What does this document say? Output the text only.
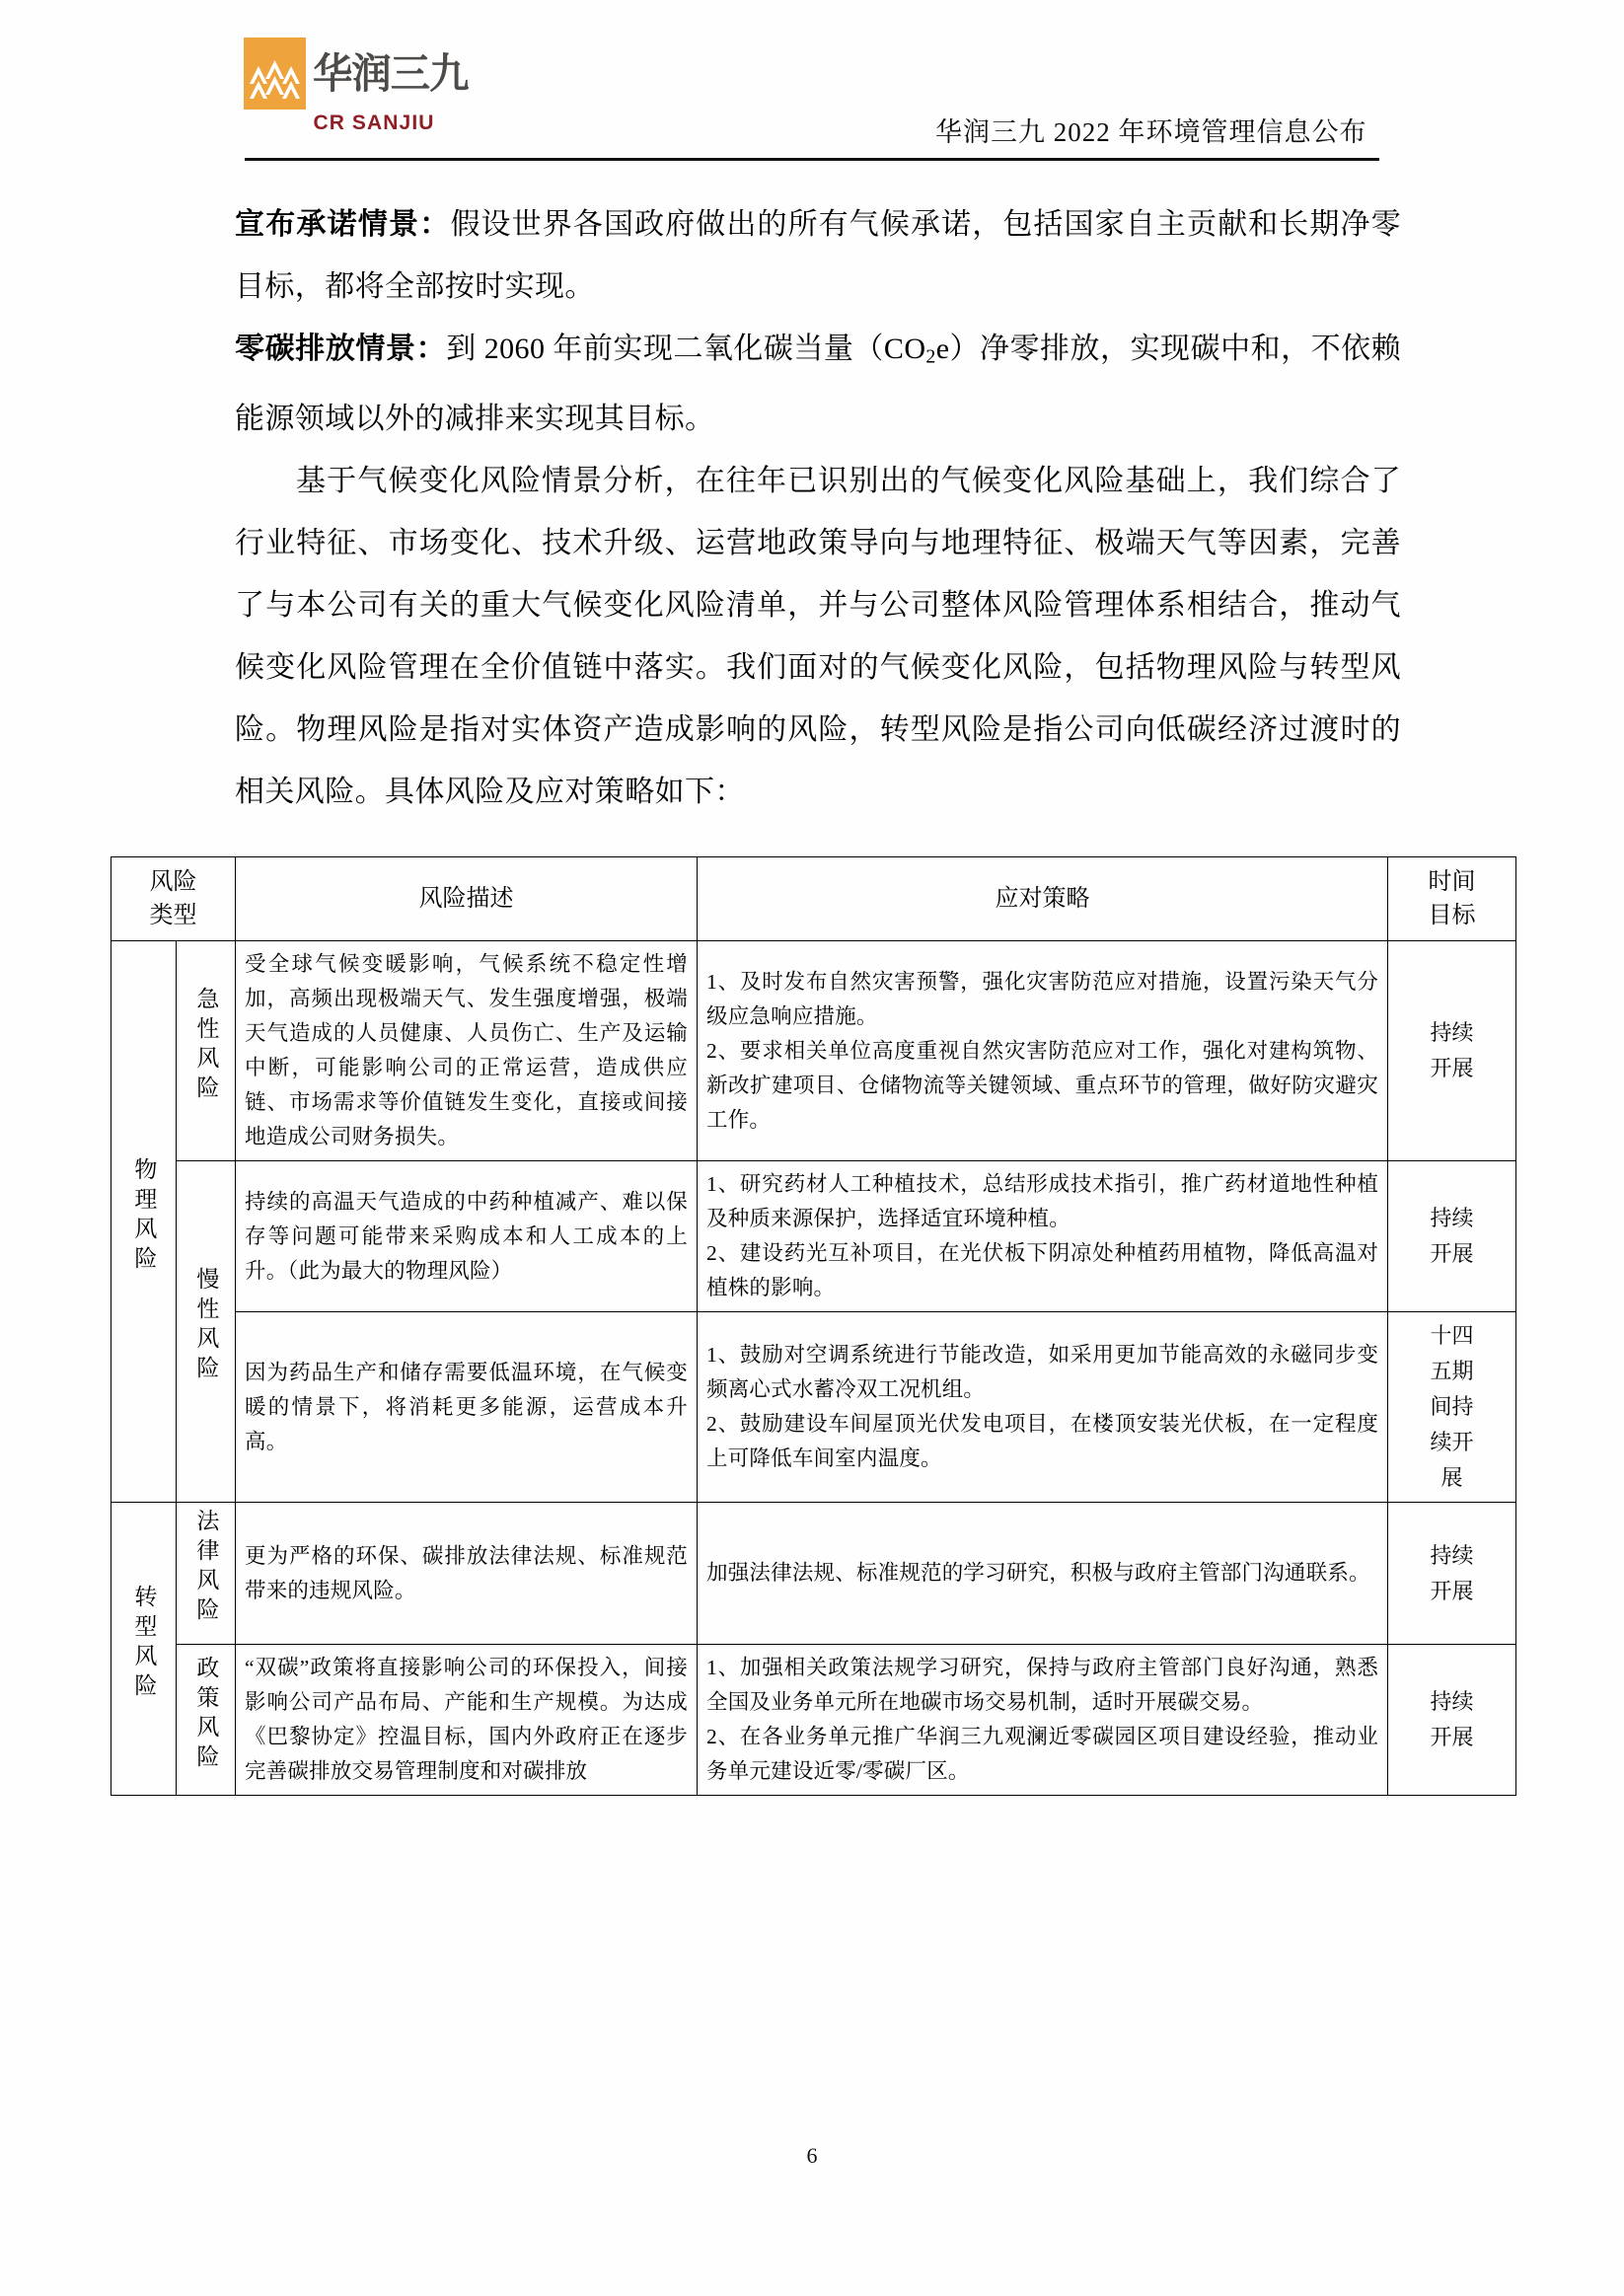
华润三九
CR SANJIU	华润三九 2022 年环境管理信息公布

宣布承诺情景：假设世界各国政府做出的所有气候承诺，包括国家自主贡献和长期净零目标，都将全部按时实现。

零碳排放情景：到 2060 年前实现二氧化碳当量$(CO_2e)$净零排放，实现碳中和，不依赖能源领域以外的减排来实现其目标。

基于气候变化风险情景分析，在往年已识别出的气候变化风险基础上，我们综合了行业特征、市场变化、技术升级、运营地政策导向与地理特征、极端天气等因素，完善了与本公司有关的重大气候变化风险清单，并与公司整体风险管理体系相结合，推动气候变化风险管理在全价值链中落实。我们面对的气候变化风险，包括物理风险与转型风险。物理风险是指对实体资产造成影响的风险，转型风险是指公司向低碳经济过渡时的相关风险。具体风险及应对策略如下：

风险类型		风险描述	应对策略	时间目标

物理风险	急性风险	受全球气候变暖影响，气候系统不稳定性增加，高频出现极端天气、发生强度增强，极端天气造成的人员健康、人员伤亡、生产及运输中断，可能影响公司的正常运营，造成供应链、市场需求等价值链发生变化，直接或间接地造成公司财务损失。	1、及时发布自然灾害预警，强化灾害防范应对措施，设置污染天气分级应急响应措施。
2、要求相关单位高度重视自然灾害防范应对工作，强化对建构筑物、新改扩建项目、仓储物流等关键领域、重点环节的管理，做好防灾避灾工作。	持续开展

	慢性风险	持续的高温天气造成的中药种植减产、难以保存等问题可能带来采购成本和人工成本的上升。（此为最大的物理风险）	1、研究药材人工种植技术，总结形成技术指引，推广药材道地性种植及种质来源保护，选择适宜环境种植。
2、建设药光互补项目，在光伏板下阴凉处种植药用植物，降低高温对植株的影响。	持续开展

		因为药品生产和储存需要低温环境，在气候变暖的情景下，将消耗更多能源，运营成本升高。	1、鼓励对空调系统进行节能改造，如采用更加节能高效的永磁同步变频离心式水蓄冷双工况机组。
2、鼓励建设车间屋顶光伏发电项目，在楼顶安装光伏板，在一定程度上可降低车间室内温度。	十四五期间持续开展

转型风险	法律风险	更为严格的环保、碳排放法律法规、标准规范带来的违规风险。	加强法律法规、标准规范的学习研究，积极与政府主管部门沟通联系。	持续开展

	政策风险	“双碳”政策将直接影响公司的环保投入，间接影响公司产品布局、产能和生产规模。为达成《巴黎协定》控温目标，国内外政府正在逐步完善碳排放交易管理制度和对碳排放	1、加强相关政策法规学习研究，保持与政府主管部门良好沟通，熟悉全国及业务单元所在地碳市场交易机制，适时开展碳交易。
2、在各业务单元推广华润三九观澜近零碳园区项目建设经验，推动业务单元建设近零/零碳厂区。	持续开展
6
